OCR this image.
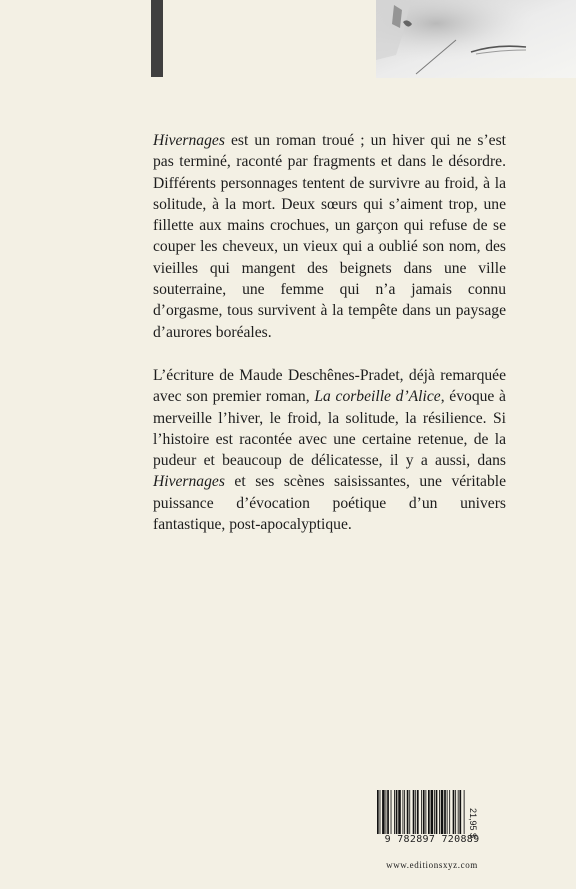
Hivernages est un roman troué ; un hiver qui ne s’est pas terminé, raconté par fragments et dans le désordre. Différents personnages tentent de survivre au froid, à la solitude, à la mort. Deux sœurs qui s’aiment trop, une fillette aux mains crochues, un garçon qui refuse de se couper les cheveux, un vieux qui a oublié son nom, des vieilles qui mangent des beignets dans une ville souterraine, une femme qui n’a jamais connu d’orgasme, tous survivent à la tempête dans un paysage d’aurores boréales.

L’écriture de Maude Deschênes-Pradet, déjà remarquée avec son premier roman, La corbeille d’Alice, évoque à merveille l’hiver, le froid, la solitude, la résilience. Si l’histoire est racontée avec une certaine retenue, de la pudeur et beaucoup de délicatesse, il y a aussi, dans Hivernages et ses scènes saisissantes, une véritable puissance d’évocation poétique d’un univers fantastique, post-apocalyptique.

9 782897 720889
21,95 $
www.editionsxyz.com
